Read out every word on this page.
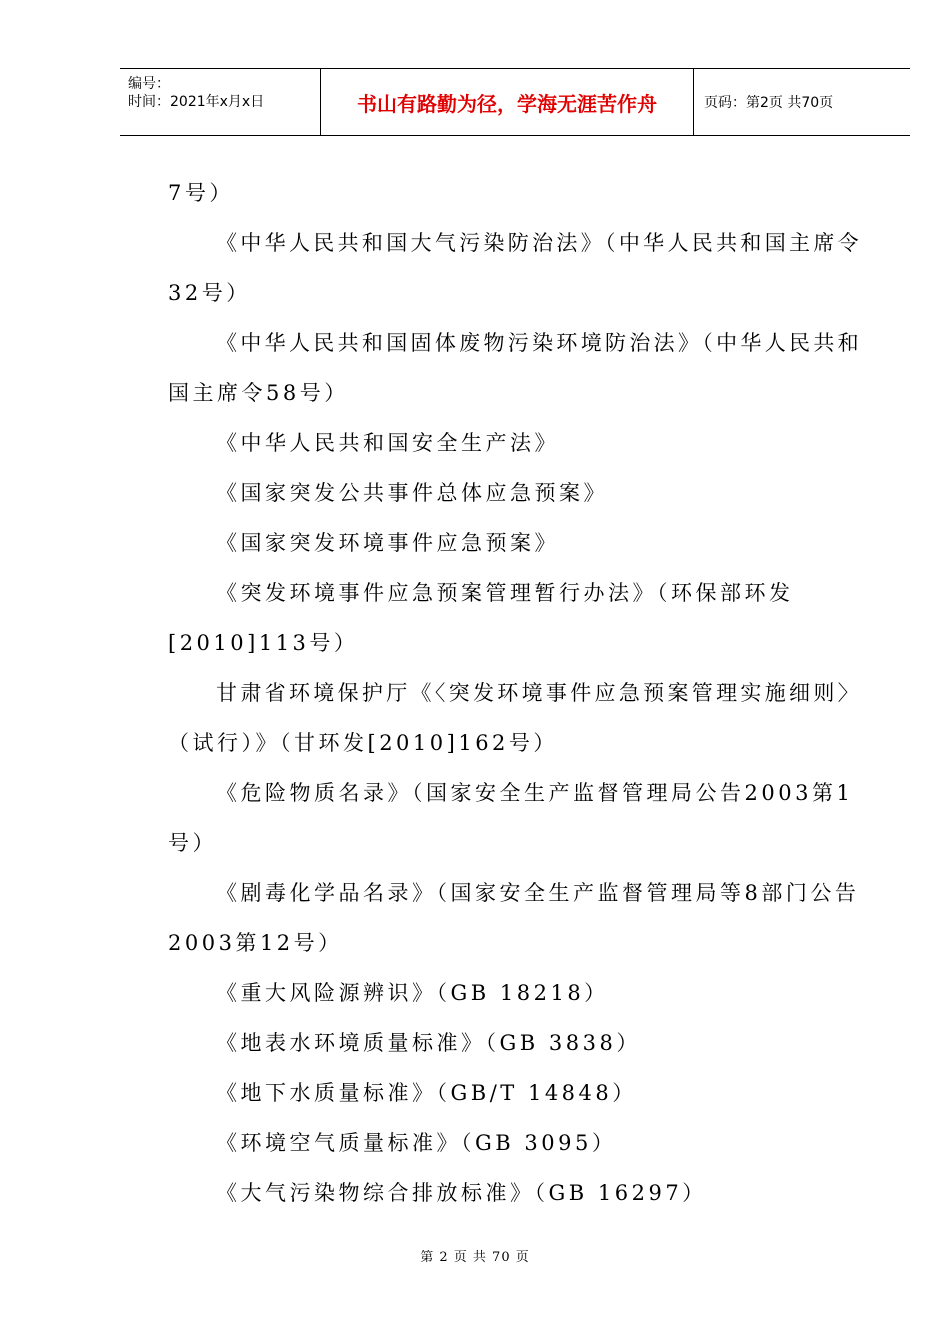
编号：
时间：2021年x月x日	书山有路勤为径，学海无涯苦作舟	页码：第2页 共70页
7号）
《中华人民共和国大气污染防治法》（中华人民共和国主席令
32号）
《中华人民共和国固体废物污染环境防治法》（中华人民共和
国主席令58号）
《中华人民共和国安全生产法》
《国家突发公共事件总体应急预案》
《国家突发环境事件应急预案》
《突发环境事件应急预案管理暂行办法》（环保部环发
[2010]113号）
甘肃省环境保护厅《〈突发环境事件应急预案管理实施细则〉
（试行）》（甘环发[2010]162号）
《危险物质名录》（国家安全生产监督管理局公告2003第1
号）
《剧毒化学品名录》（国家安全生产监督管理局等8部门公告
2003第12号）
《重大风险源辨识》（GB 18218）
《地表水环境质量标准》（GB 3838）
《地下水质量标准》（GB/T 14848）
《环境空气质量标准》（GB 3095）
《大气污染物综合排放标准》（GB 16297）
第 2 页 共 70 页
